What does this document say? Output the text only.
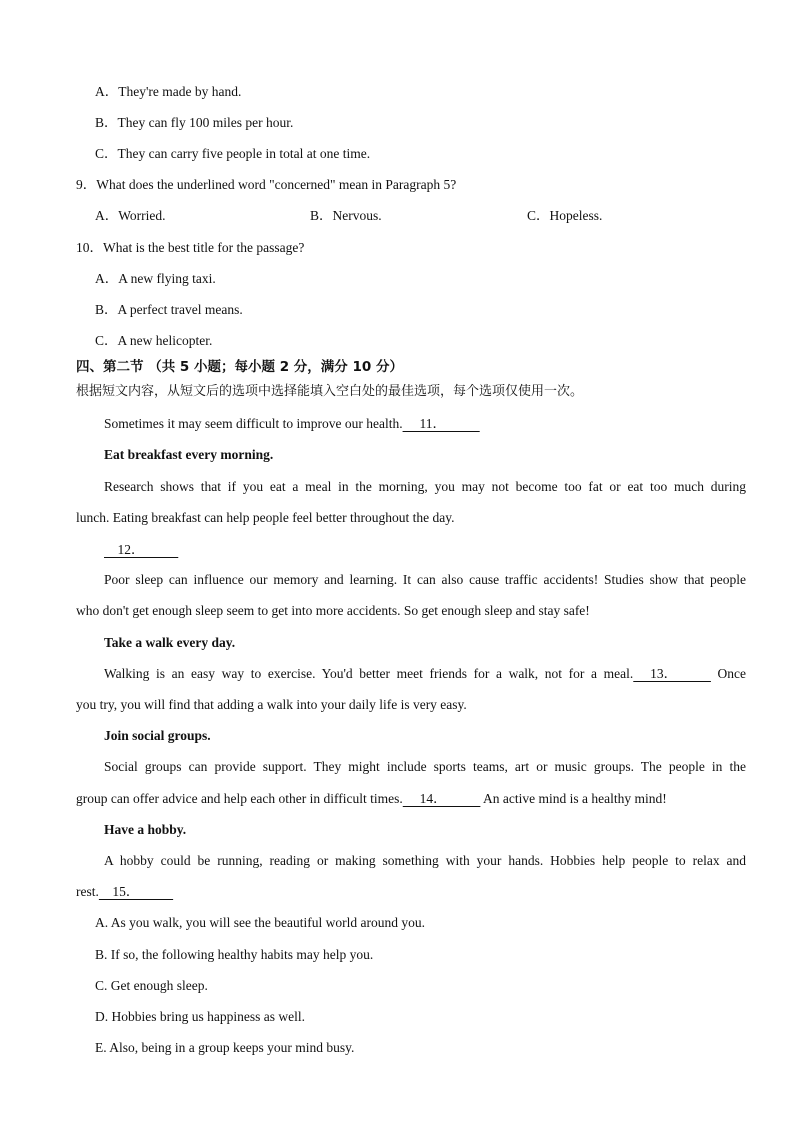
A．They're made by hand.
B．They can fly 100 miles per hour.
C．They can carry five people in total at one time.
9．What does the underlined word "concerned" mean in Paragraph 5?
A．Worried.	B．Nervous.	C．Hopeless.
10．What is the best title for the passage?
A．A new flying taxi.
B．A perfect travel means.
C．A new helicopter.
四、第二节 （共 5 小题；每小题 2 分，满分 10 分）
根据短文内容，从短文后的选项中选择能填入空白处的最佳选项，每个选项仅使用一次。
Sometimes it may seem difficult to improve our health.     11．
Eat breakfast every morning.
Research shows that if you eat a meal in the morning, you may not become too fat or eat too much during
lunch. Eating breakfast can help people feel better throughout the day.
12．
Poor sleep can influence our memory and learning. It can also cause traffic accidents! Studies show that people
who don't get enough sleep seem to get into more accidents. So get enough sleep and stay safe!
Take a walk every day.
Walking is an easy way to exercise. You'd better meet friends for a walk, not for a meal.     13．           Once
you try, you will find that adding a walk into your daily life is very easy.
Join social groups.
Social groups can provide support. They might include sports teams, art or music groups. The people in the
group can offer advice and help each other in difficult times.     14．           An active mind is a healthy mind!
Have a hobby.
A hobby could be running, reading or making something with your hands. Hobbies help people to relax and
rest.    15．
A. As you walk, you will see the beautiful world around you.
B. If so, the following healthy habits may help you.
C. Get enough sleep.
D. Hobbies bring us happiness as well.
E. Also, being in a group keeps your mind busy.
